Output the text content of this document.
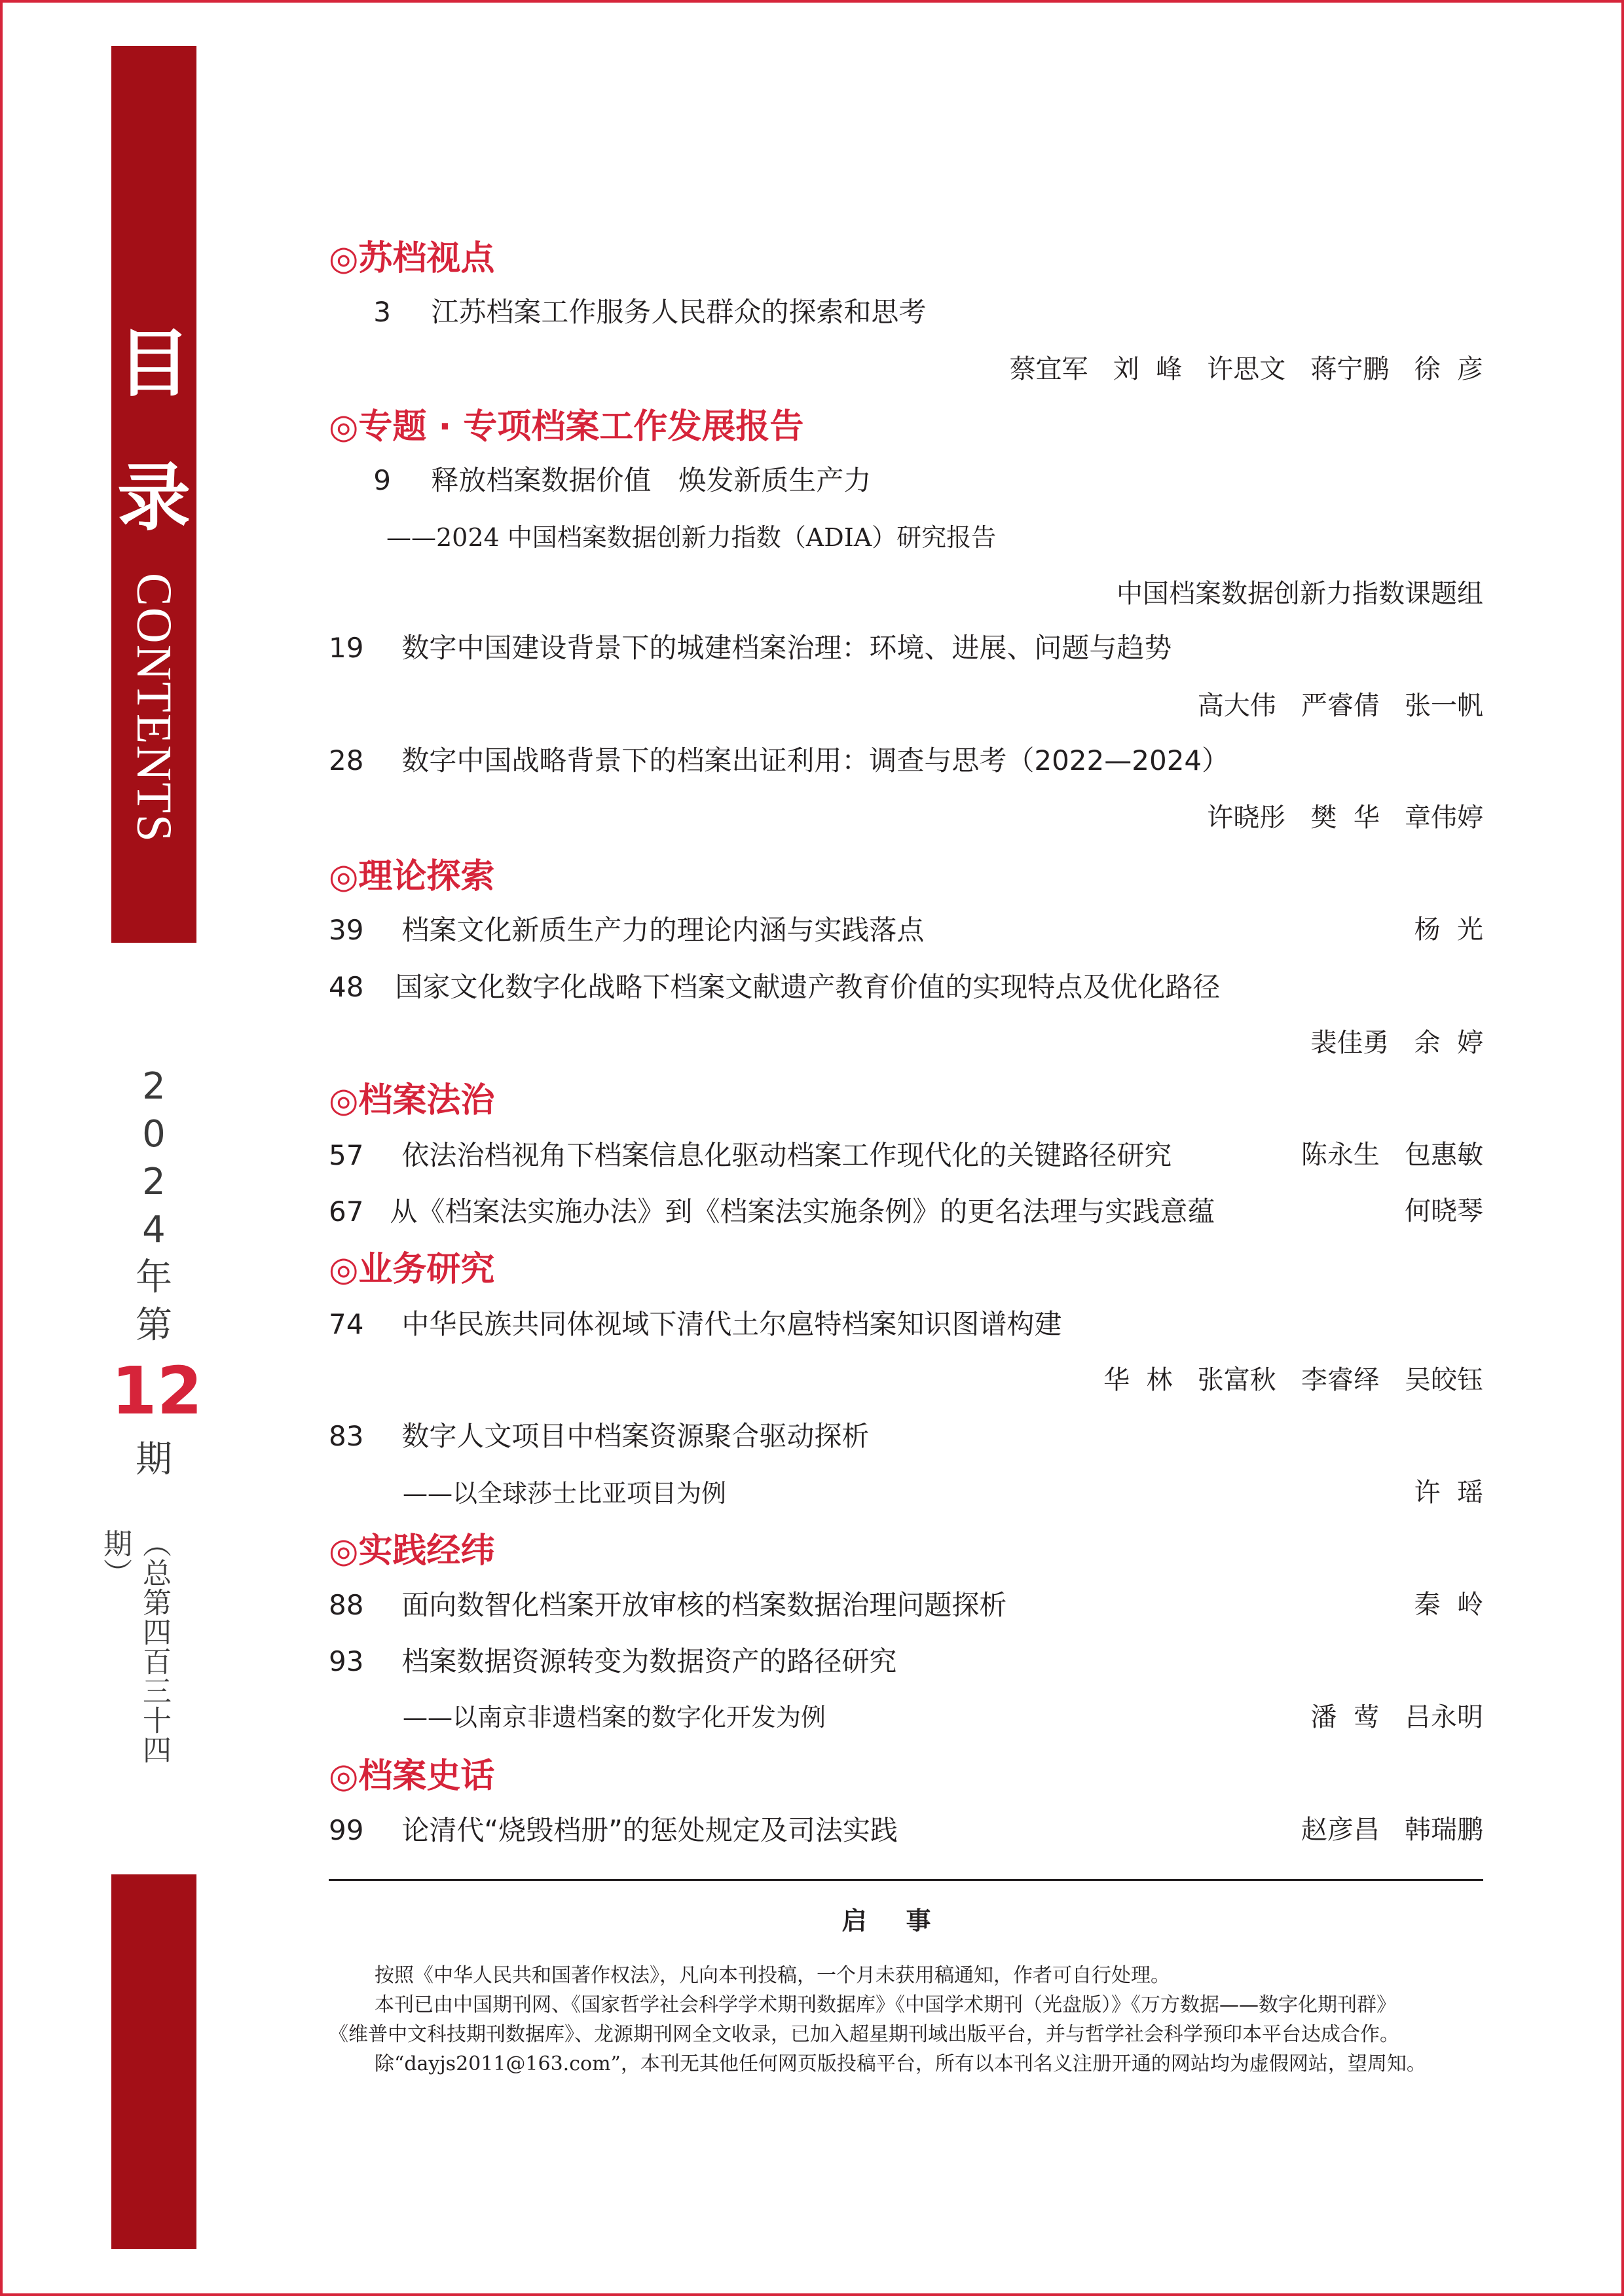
目
录
CONTENTS
2
0
2
4
年
第
12
期
（总第四百三十四期）
◎苏档视点
3 江苏档案工作服务人民群众的探索和思考
蔡宜军   刘  峰   许思文   蒋宁鹏   徐  彦
◎专题 · 专项档案工作发展报告
9 释放档案数据价值　焕发新质生产力
——2024 中国档案数据创新力指数（ADIA）研究报告
中国档案数据创新力指数课题组
19 数字中国建设背景下的城建档案治理：环境、进展、问题与趋势
高大伟   严睿倩   张一帆
28 数字中国战略背景下的档案出证利用：调查与思考（2022—2024）
许晓彤   樊  华   章伟婷
◎理论探索
39 档案文化新质生产力的理论内涵与实践落点	杨  光
48 国家文化数字化战略下档案文献遗产教育价值的实现特点及优化路径
裴佳勇   余  婷
◎档案法治
57 依法治档视角下档案信息化驱动档案工作现代化的关键路径研究	陈永生   包惠敏
67 从《档案法实施办法》到《档案法实施条例》的更名法理与实践意蕴	何晓琴
◎业务研究
74 中华民族共同体视域下清代土尔扈特档案知识图谱构建
华  林   张富秋   李睿绎   吴皎钰
83 数字人文项目中档案资源聚合驱动探析
——以全球莎士比亚项目为例	许  瑶
◎实践经纬
88 面向数智化档案开放审核的档案数据治理问题探析	秦  岭
93 档案数据资源转变为数据资产的路径研究
——以南京非遗档案的数字化开发为例	潘  莺   吕永明
◎档案史话
99 论清代“烧毁档册”的惩处规定及司法实践	赵彦昌   韩瑞鹏
启事
按照《中华人民共和国著作权法》，凡向本刊投稿，一个月未获用稿通知，作者可自行处理。
本刊已由中国期刊网、《国家哲学社会科学学术期刊数据库》《中国学术期刊（光盘版）》《万方数据——数字化期刊群》
《维普中文科技期刊数据库》、龙源期刊网全文收录，已加入超星期刊域出版平台，并与哲学社会科学预印本平台达成合作。
除“dayjs2011@163.com”，本刊无其他任何网页版投稿平台，所有以本刊名义注册开通的网站均为虚假网站，望周知。
